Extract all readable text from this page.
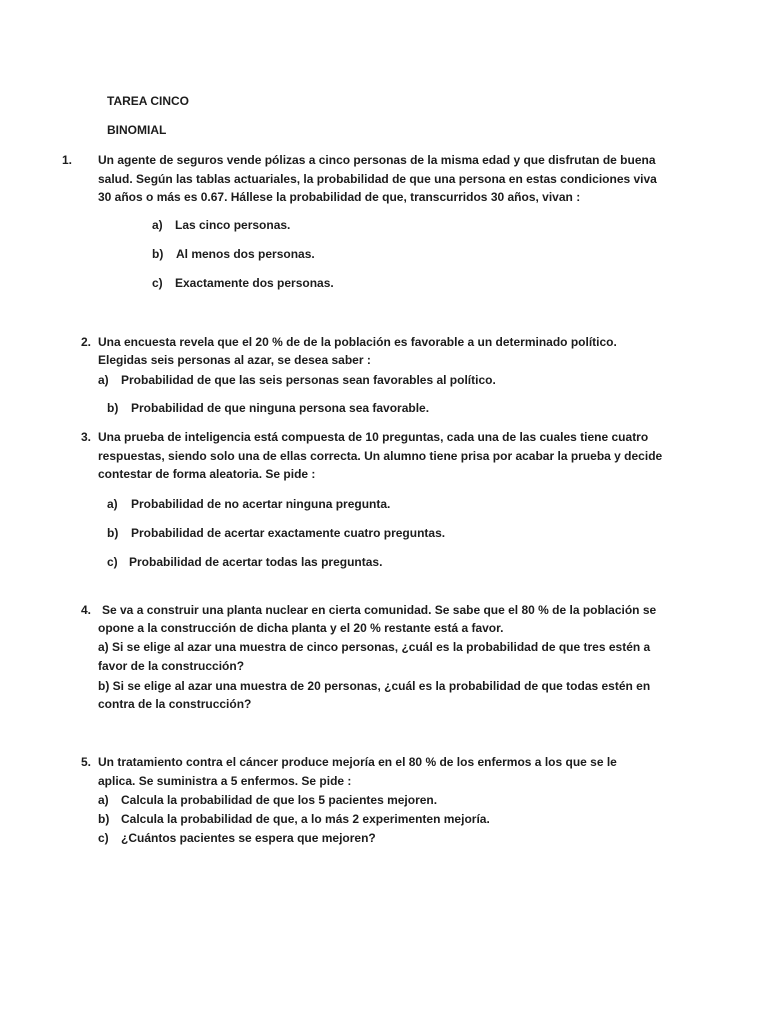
TAREA CINCO
BINOMIAL
1. Un agente de seguros vende pólizas a cinco personas de la misma edad y que disfrutan de buena
salud. Según las tablas actuariales, la probabilidad de que una persona en estas condiciones viva
30 años o más es 0.67. Hállese la probabilidad de que, transcurridos 30 años, vivan :
a) Las cinco personas.
b) Al menos dos personas.
c) Exactamente dos personas.
2. Una encuesta revela que el 20 % de de la población es favorable a un determinado político.
Elegidas seis personas al azar, se desea saber :
a) Probabilidad de que las seis personas sean favorables al político.
b) Probabilidad de que ninguna persona sea favorable.
3. Una prueba de inteligencia está compuesta de 10 preguntas, cada una de las cuales tiene cuatro
respuestas, siendo solo una de ellas correcta. Un alumno tiene prisa por acabar la prueba y decide
contestar de forma aleatoria. Se pide :
a) Probabilidad de no acertar ninguna pregunta.
b) Probabilidad de acertar exactamente cuatro preguntas.
c) Probabilidad de acertar todas las preguntas.
4. Se va a construir una planta nuclear en cierta comunidad. Se sabe que el 80 % de la población se
opone a la construcción de dicha planta y el 20 % restante está a favor.
a) Si se elige al azar una muestra de cinco personas, ¿cuál es la probabilidad de que tres estén a
favor de la construcción?
b) Si se elige al azar una muestra de 20 personas, ¿cuál es la probabilidad de que todas estén en
contra de la construcción?
5. Un tratamiento contra el cáncer produce mejoría en el 80 % de los enfermos a los que se le
aplica. Se suministra a 5 enfermos. Se pide :
a) Calcula la probabilidad de que los 5 pacientes mejoren.
b) Calcula la probabilidad de que, a lo más 2 experimenten mejoría.
c) ¿Cuántos pacientes se espera que mejoren?
